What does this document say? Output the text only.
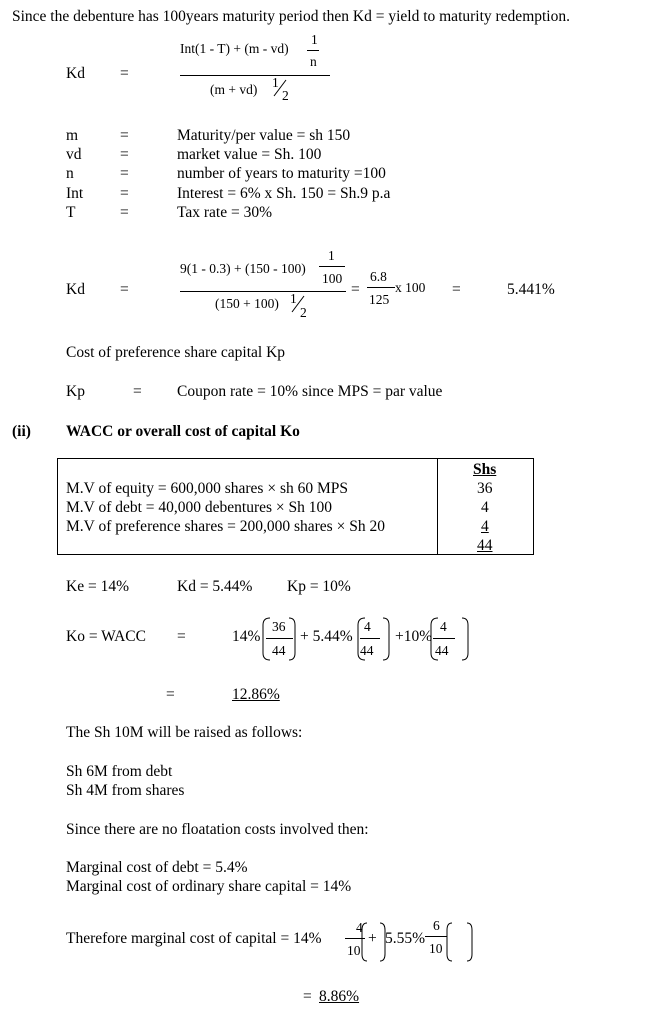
Since the debenture has 100years maturity period then Kd = yield to maturity redemption.
Kd =
Int(1 - T) + (m - vd)
1
n
(m + vd) 1
2
m	=	Maturity/per value = sh 150
vd =	market value = Sh. 100
n	=	number of years to maturity =100
Int =	Interest = 6% x Sh. 150 = Sh.9 p.a
T	=	Tax rate = 30%
Kd =
9(1 - 0.3) + (150 - 100)
1
100
(150 + 100) 1
2
=
6.8
125
x 100 =	5.441%
Cost of preference share capital Kp
Kp	= Coupon rate = 10% since MPS = par value
(ii) WACC or overall cost of capital Ko
Shs
M.V of equity = 600,000 shares × sh 60 MPS	36
M.V of debt = 40,000 debentures × Sh 100	4
M.V of preference shares = 200,000 shares × Sh 20	4
44
Ke = 14%	Kd = 5.44% Kp = 10%
Ko = WACC =	14%
36
44
+ 5.44%
4
44
+10%
4
44
=	12.86%
The Sh 10M will be raised as follows:
Sh 6M from debt
Sh 4M from shares
Since there are no floatation costs involved then:
Marginal cost of debt = 5.4%
Marginal cost of ordinary share capital = 14%
Therefore marginal cost of capital = 14%
4
10
+ 5.55%
6
10
= 8.86%
